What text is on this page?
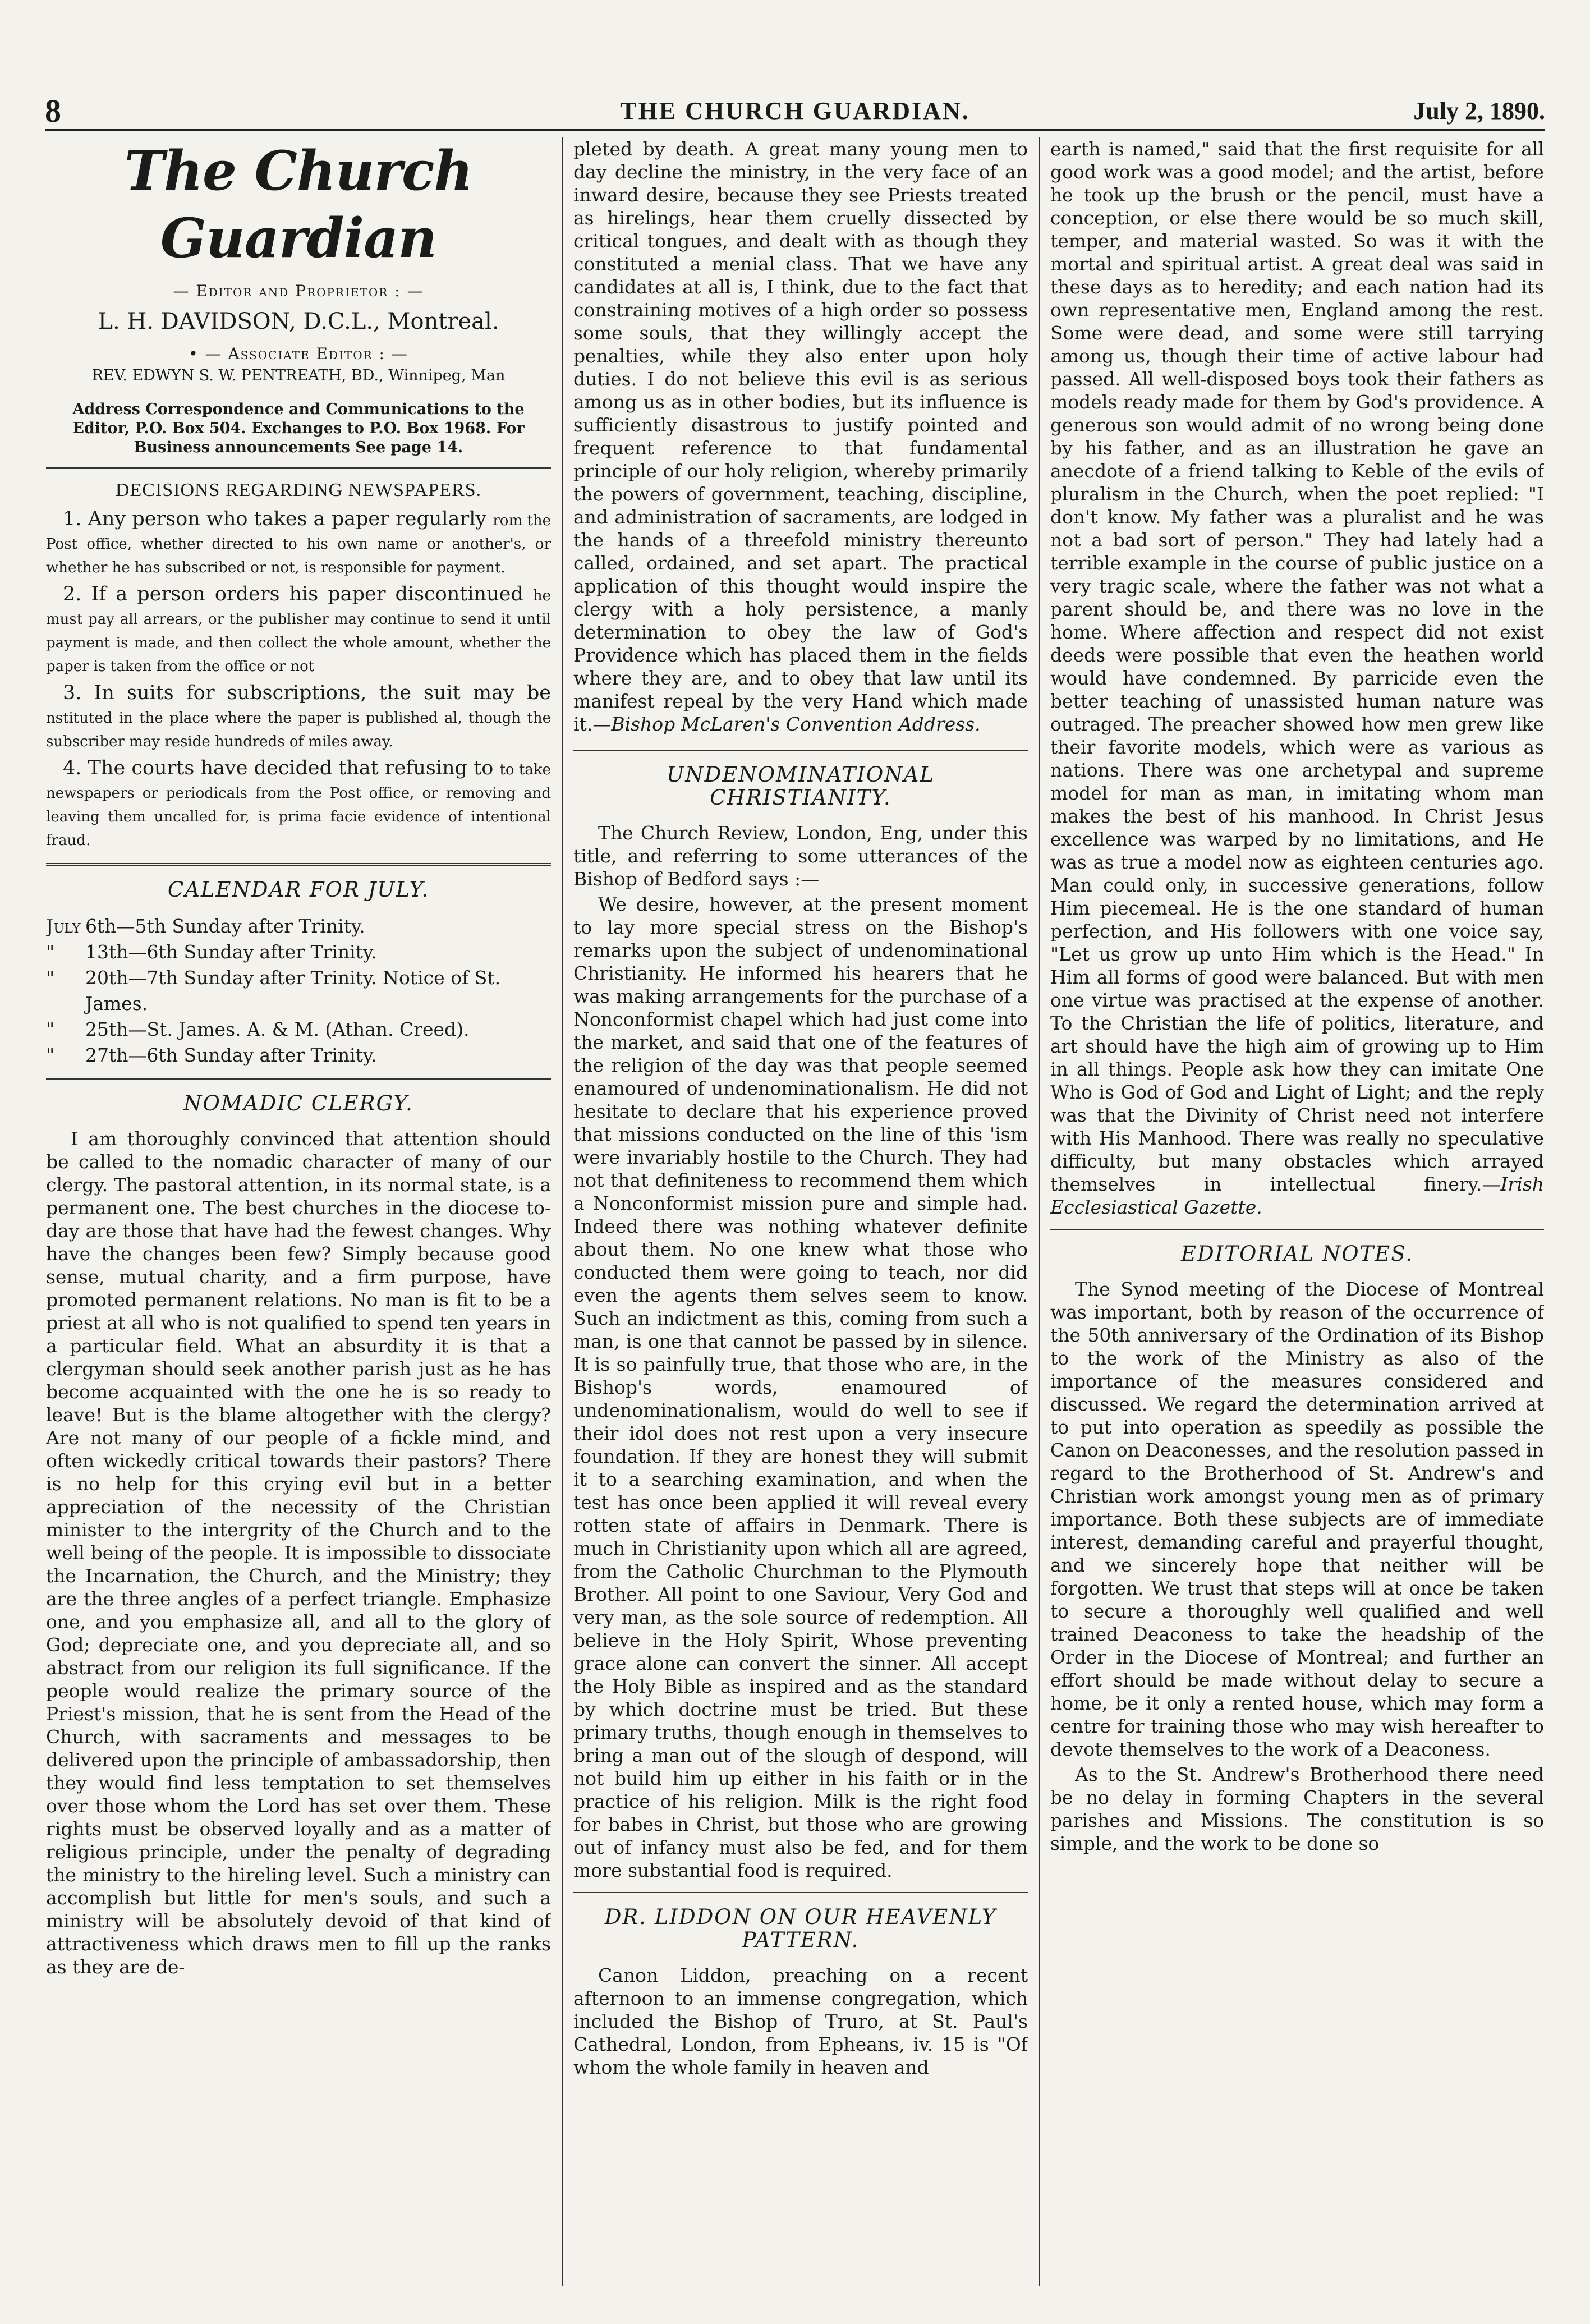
8	THE CHURCH GUARDIAN.	July 2, 1890.
The Church Guardian
— Editor and Proprietor : —
L. H. DAVIDSON, D.C.L., Montreal.
• — Associate Editor : —
REV. EDWYN S. W. PENTREATH, BD., Winnipeg, Man
Address Correspondence and Communications to the Editor, P.O. Box 504. Exchanges to P.O. Box 1968. For Business announcements See page 14.
DECISIONS REGARDING NEWSPAPERS.
1. Any person who takes a paper regularly rom the Post office, whether directed to his own name or another's, or whether he has subscribed or not, is responsible for payment.
2. If a person orders his paper discontinued he must pay all arrears, or the publisher may continue to send it until payment is made, and then collect the whole amount, whether the paper is taken from the office or not
3. In suits for subscriptions, the suit may be nstituted in the place where the paper is published al, though the subscriber may reside hundreds of miles away.
4. The courts have decided that refusing to to take newspapers or periodicals from the Post office, or removing and leaving them uncalled for, is prima facie evidence of intentional fraud.
CALENDAR FOR JULY.
July 6th—5th Sunday after Trinity.
"	13th—6th Sunday after Trinity.
"	20th—7th Sunday after Trinity. Notice of St. James.
"	25th—St. James. A. & M. (Athan. Creed).
"	27th—6th Sunday after Trinity.
NOMADIC CLERGY.

I am thoroughly convinced that attention should be called to the nomadic character of many of our clergy. The pastoral attention, in its normal state, is a permanent one. The best churches in the diocese to-day are those that have had the fewest changes. Why have the changes been few? Simply because good sense, mutual charity, and a firm purpose, have promoted permanent relations. No man is fit to be a priest at all who is not qualified to spend ten years in a particular field. What an absurdity it is that a clergyman should seek another parish just as he has become acquainted with the one he is so ready to leave! But is the blame altogether with the clergy? Are not many of our people of a fickle mind, and often wickedly critical towards their pastors? There is no help for this crying evil but in a better appreciation of the necessity of the Christian minister to the intergrity of the Church and to the well being of the people. It is impossible to dissociate the Incarnation, the Church, and the Ministry; they are the three angles of a perfect triangle. Emphasize one, and you emphasize all, and all to the glory of God; depreciate one, and you depreciate all, and so abstract from our religion its full significance. If the people would realize the primary source of the Priest's mission, that he is sent from the Head of the Church, with sacraments and messages to be delivered upon the principle of ambassadorship, then they would find less temptation to set themselves over those whom the Lord has set over them. These rights must be observed loyally and as a matter of religious principle, under the penalty of degrading the ministry to the hireling level. Such a ministry can accomplish but little for men's souls, and such a ministry will be absolutely devoid of that kind of attractiveness which draws men to fill up the ranks as they are de-

pleted by death. A great many young men to day decline the ministry, in the very face of an inward desire, because they see Priests treated as hirelings, hear them cruelly dissected by critical tongues, and dealt with as though they constituted a menial class. That we have any candidates at all is, I think, due to the fact that constraining motives of a high order so possess some souls, that they willingly accept the penalties, while they also enter upon holy duties. I do not believe this evil is as serious among us as in other bodies, but its influence is sufficiently disastrous to justify pointed and frequent reference to that fundamental principle of our holy religion, whereby primarily the powers of government, teaching, discipline, and administration of sacraments, are lodged in the hands of a threefold ministry thereunto called, ordained, and set apart. The practical application of this thought would inspire the clergy with a holy persistence, a manly determination to obey the law of God's Providence which has placed them in the fields where they are, and to obey that law until its manifest repeal by the very Hand which made it.—Bishop McLaren's Convention Address.

UNDENOMINATIONAL CHRISTIANITY.

The Church Review, London, Eng, under this title, and referring to some utterances of the Bishop of Bedford says :—

We desire, however, at the present moment to lay more special stress on the Bishop's remarks upon the subject of undenominational Christianity. He informed his hearers that he was making arrangements for the purchase of a Nonconformist chapel which had just come into the market, and said that one of the features of the religion of the day was that people seemed enamoured of undenominationalism. He did not hesitate to declare that his experience proved that missions conducted on the line of this 'ism were invariably hostile to the Church. They had not that definiteness to recommend them which a Nonconformist mission pure and simple had. Indeed there was nothing whatever definite about them. No one knew what those who conducted them were going to teach, nor did even the agents them selves seem to know. Such an indictment as this, coming from such a man, is one that cannot be passed by in silence. It is so painfully true, that those who are, in the Bishop's words, enamoured of undenominationalism, would do well to see if their idol does not rest upon a very insecure foundation. If they are honest they will submit it to a searching examination, and when the test has once been applied it will reveal every rotten state of affairs in Denmark. There is much in Christianity upon which all are agreed, from the Catholic Churchman to the Plymouth Brother. All point to one Saviour, Very God and very man, as the sole source of redemption. All believe in the Holy Spirit, Whose preventing grace alone can convert the sinner. All accept the Holy Bible as inspired and as the standard by which doctrine must be tried. But these primary truths, though enough in themselves to bring a man out of the slough of despond, will not build him up either in his faith or in the practice of his religion. Milk is the right food for babes in Christ, but those who are growing out of infancy must also be fed, and for them more substantial food is required.

DR. LIDDON ON OUR HEAVENLY PATTERN.

Canon Liddon, preaching on a recent afternoon to an immense congregation, which included the Bishop of Truro, at St. Paul's Cathedral, London, from Epheans, iv. 15 is "Of whom the whole family in heaven and

earth is named," said that the first requisite for all good work was a good model; and the artist, before he took up the brush or the pencil, must have a conception, or else there would be so much skill, temper, and material wasted. So was it with the mortal and spiritual artist. A great deal was said in these days as to heredity; and each nation had its own representative men, England among the rest. Some were dead, and some were still tarrying among us, though their time of active labour had passed. All well-disposed boys took their fathers as models ready made for them by God's providence. A generous son would admit of no wrong being done by his father, and as an illustration he gave an anecdote of a friend talking to Keble of the evils of pluralism in the Church, when the poet replied: "I don't know. My father was a pluralist and he was not a bad sort of person." They had lately had a terrible example in the course of public justice on a very tragic scale, where the father was not what a parent should be, and there was no love in the home. Where affection and respect did not exist deeds were possible that even the heathen world would have condemned. By parricide even the better teaching of unassisted human nature was outraged. The preacher showed how men grew like their favorite models, which were as various as nations. There was one archetypal and supreme model for man as man, in imitating whom man makes the best of his manhood. In Christ Jesus excellence was warped by no limitations, and He was as true a model now as eighteen centuries ago. Man could only, in successive generations, follow Him piecemeal. He is the one standard of human perfection, and His followers with one voice say, "Let us grow up unto Him which is the Head." In Him all forms of good were balanced. But with men one virtue was practised at the expense of another. To the Christian the life of politics, literature, and art should have the high aim of growing up to Him in all things. People ask how they can imitate One Who is God of God and Light of Light; and the reply was that the Divinity of Christ need not interfere with His Manhood. There was really no speculative difficulty, but many obstacles which arrayed themselves in intellectual finery.—Irish Ecclesiastical Gazette.

EDITORIAL NOTES.

The Synod meeting of the Diocese of Montreal was important, both by reason of the occurrence of the 50th anniversary of the Ordination of its Bishop to the work of the Ministry as also of the importance of the measures considered and discussed. We regard the determination arrived at to put into operation as speedily as possible the Canon on Deaconesses, and the resolution passed in regard to the Brotherhood of St. Andrew's and Christian work amongst young men as of primary importance. Both these subjects are of immediate interest, demanding careful and prayerful thought, and we sincerely hope that neither will be forgotten. We trust that steps will at once be taken to secure a thoroughly well qualified and well trained Deaconess to take the headship of the Order in the Diocese of Montreal; and further an effort should be made without delay to secure a home, be it only a rented house, which may form a centre for training those who may wish hereafter to devote themselves to the work of a Deaconess.

As to the St. Andrew's Brotherhood there need be no delay in forming Chapters in the several parishes and Missions. The constitution is so simple, and the work to be done so
